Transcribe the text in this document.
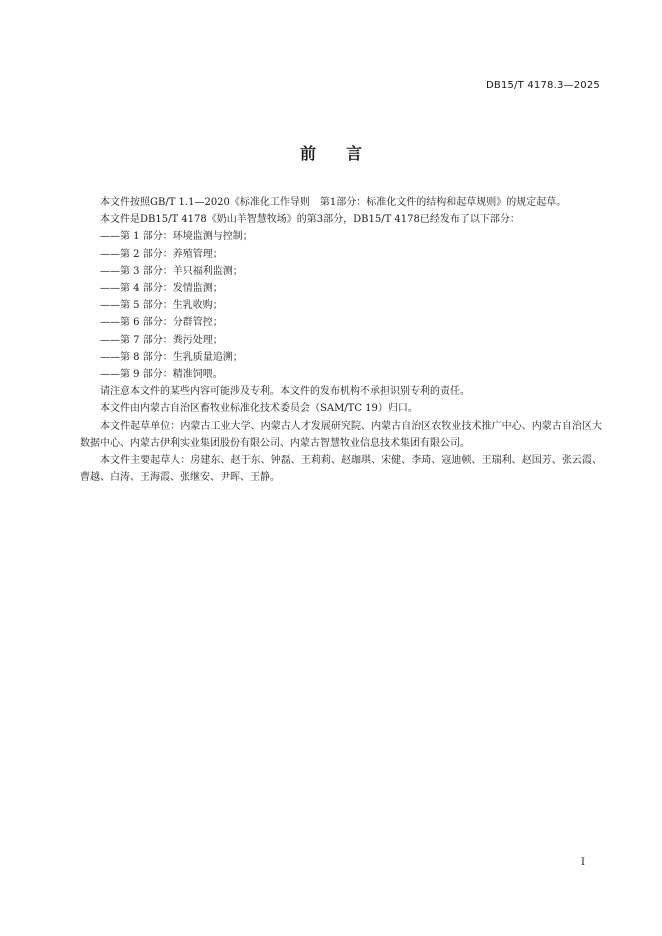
DB15/T 4178.3—2025
前 言

本文件按照GB/T 1.1—2020《标准化工作导则　第1部分：标准化文件的结构和起草规则》的规定起草。

本文件是DB15/T 4178《奶山羊智慧牧场》的第3部分，DB15/T 4178已经发布了以下部分：

——第 1 部分：环境监测与控制；
——第 2 部分：养殖管理；
——第 3 部分：羊只福利监测；
——第 4 部分：发情监测；
——第 5 部分：生乳收购；
——第 6 部分：分群管控；
——第 7 部分：粪污处理；
——第 8 部分：生乳质量追溯；
——第 9 部分：精准饲喂。

请注意本文件的某些内容可能涉及专利。本文件的发布机构不承担识别专利的责任。

本文件由内蒙古自治区畜牧业标准化技术委员会（SAM/TC 19）归口。

本文件起草单位：内蒙古工业大学、内蒙古人才发展研究院、内蒙古自治区农牧业技术推广中心、内蒙古自治区大数据中心、内蒙古伊利实业集团股份有限公司、内蒙古智慧牧业信息技术集团有限公司。

本文件主要起草人：房建东、赵于东、钟磊、王莉莉、赵珈琪、宋健、李琦、寇迪顿、王瑞利、赵国芳、张云霞、曹越、白涛、王海霞、张继安、尹晖、王静。

I
